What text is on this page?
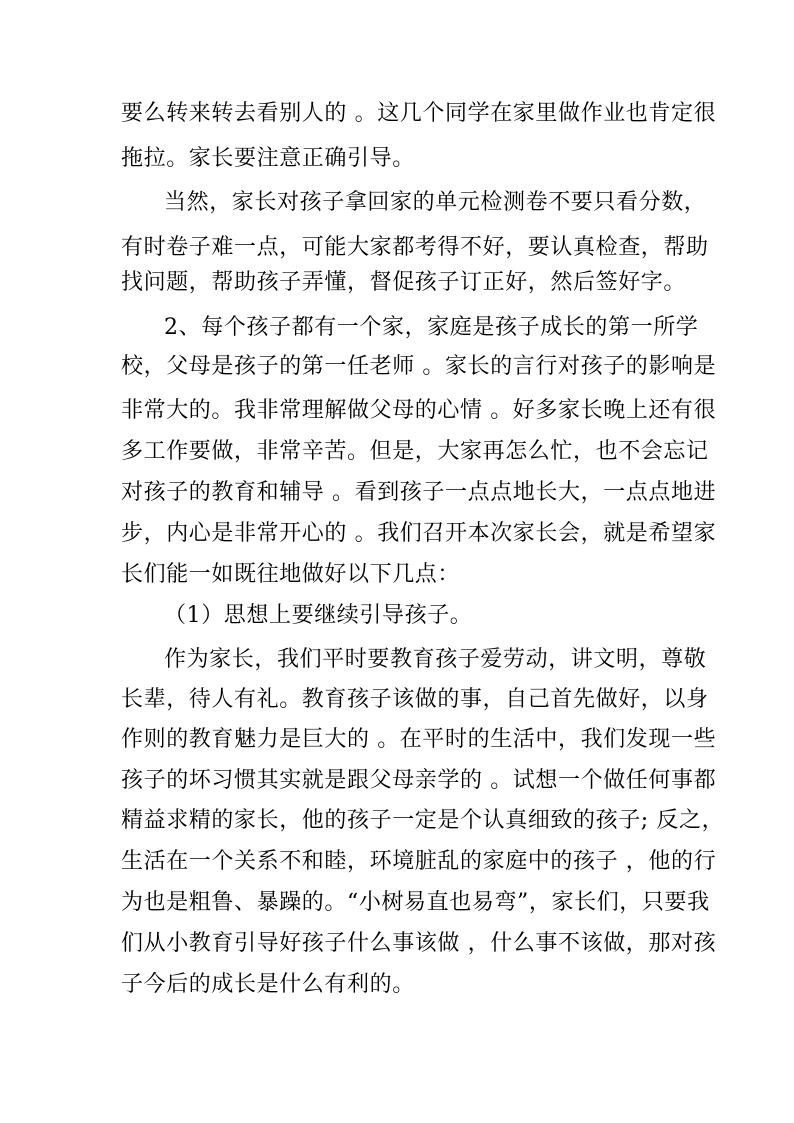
要么转来转去看别人的 。这几个同学在家里做作业也肯定很
拖拉。家长要注意正确引导。
当然，家长对孩子拿回家的单元检测卷不要只看分数，
有时卷子难一点，可能大家都考得不好，要认真检查，帮助
找问题，帮助孩子弄懂，督促孩子订正好，然后签好字。
2、每个孩子都有一个家，家庭是孩子成长的第一所学
校，父母是孩子的第一任老师 。家长的言行对孩子的影响是
非常大的。我非常理解做父母的心情 。好多家长晚上还有很
多工作要做，非常辛苦。但是，大家再怎么忙，也不会忘记
对孩子的教育和辅导 。看到孩子一点点地长大，一点点地进
步，内心是非常开心的 。我们召开本次家长会，就是希望家
长们能一如既往地做好以下几点：
（1）思想上要继续引导孩子。
作为家长，我们平时要教育孩子爱劳动，讲文明，尊敬
长辈，待人有礼。教育孩子该做的事，自己首先做好，以身
作则的教育魅力是巨大的 。在平时的生活中，我们发现一些
孩子的坏习惯其实就是跟父母亲学的 。试想一个做任何事都
精益求精的家长，他的孩子一定是个认真细致的孩子; 反之，
生活在一个关系不和睦，环境脏乱的家庭中的孩子 ，他的行
为也是粗鲁、暴躁的。“小树易直也易弯”，家长们，只要我
们从小教育引导好孩子什么事该做 ，什么事不该做，那对孩
子今后的成长是什么有利的。
